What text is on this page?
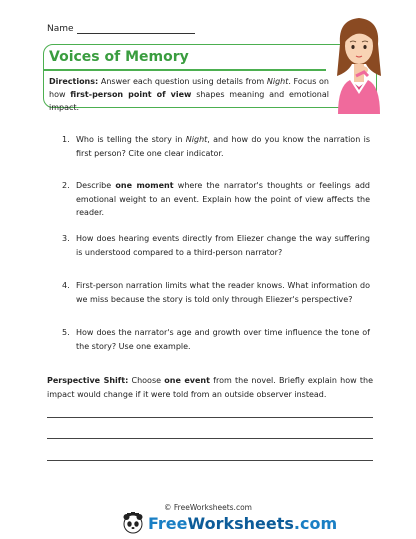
Name
Voices of Memory
Directions: Answer each question using details from Night. Focus on how first-person point of view shapes meaning and emotional impact.
1. Who is telling the story in Night, and how do you know the narration is first person? Cite one clear indicator.
2. Describe one moment where the narrator's thoughts or feelings add emotional weight to an event. Explain how the point of view affects the reader.
3. How does hearing events directly from Eliezer change the way suffering is understood compared to a third-person narrator?
4. First-person narration limits what the reader knows. What information do we miss because the story is told only through Eliezer's perspective?
5. How does the narrator's age and growth over time influence the tone of the story? Use one example.
Perspective Shift: Choose one event from the novel. Briefly explain how the impact would change if it were told from an outside observer instead.
© FreeWorksheets.com
FreeWorksheets.com
